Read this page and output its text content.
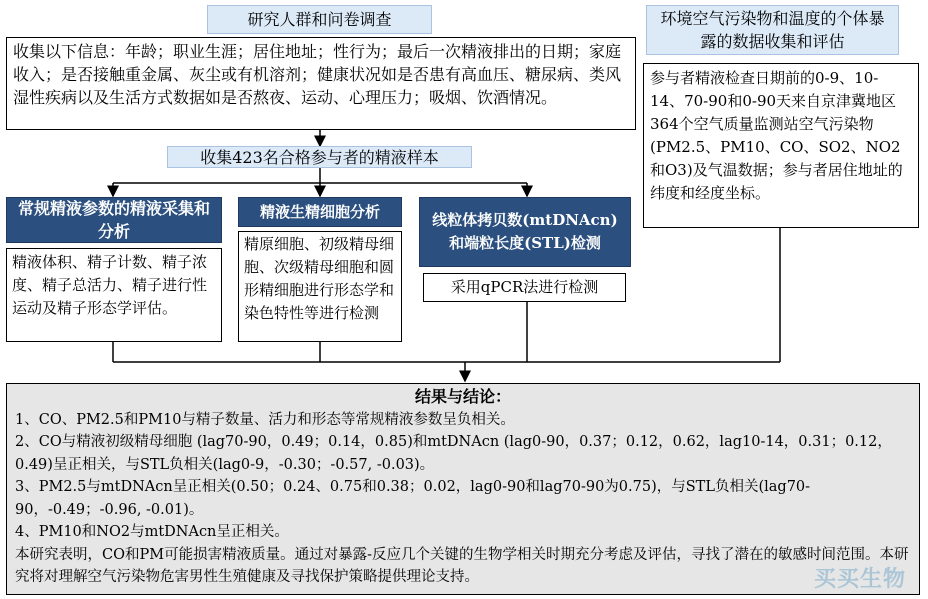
研究人群和问卷调查
收集以下信息：年龄；职业生涯；居住地址；性行为；最后一次精液排出的日期；家庭收入；是否接触重金属、灰尘或有机溶剂；健康状况如是否患有高血压、糖尿病、类风湿性疾病以及生活方式数据如是否熬夜、运动、心理压力；吸烟、饮酒情况。
收集423名合格参与者的精液样本
常规精液参数的精液采集和分析
精液体积、精子计数、精子浓度、精子总活力、精子进行性运动及精子形态学评估。
精液生精细胞分析
精原细胞、初级精母细胞、次级精母细胞和圆形精细胞进行形态学和染色特性等进行检测
线粒体拷贝数(mtDNAcn)和端粒长度(STL)检测
采用qPCR法进行检测
环境空气污染物和温度的个体暴露的数据收集和评估
参与者精液检查日期前的0-9、10-14、70-90和0-90天来自京津冀地区364个空气质量监测站空气污染物(PM2.5、PM10、CO、SO2、NO2和O3)及气温数据；参与者居住地址的纬度和经度坐标。
结果与结论：
1、CO、PM2.5和PM10与精子数量、活力和形态等常规精液参数呈负相关。
2、CO与精液初级精母细胞 (lag70-90，0.49；0.14，0.85)和mtDNAcn (lag0-90，0.37；0.12，0.62，lag10-14，0.31；0.12，0.49)呈正相关，与STL负相关(lag0-9，-0.30；-0.57, -0.03)。
3、PM2.5与mtDNAcn呈正相关(0.50；0.24、0.75和0.38；0.02，lag0-90和lag70-90为0.75)，与STL负相关(lag70-90，-0.49；-0.96, -0.01)。
4、PM10和NO2与mtDNAcn呈正相关。
本研究表明，CO和PM可能损害精液质量。通过对暴露-反应几个关键的生物学相关时期充分考虑及评估，寻找了潜在的敏感时间范围。本研究将对理解空气污染物危害男性生殖健康及寻找保护策略提供理论支持。	买买生物
